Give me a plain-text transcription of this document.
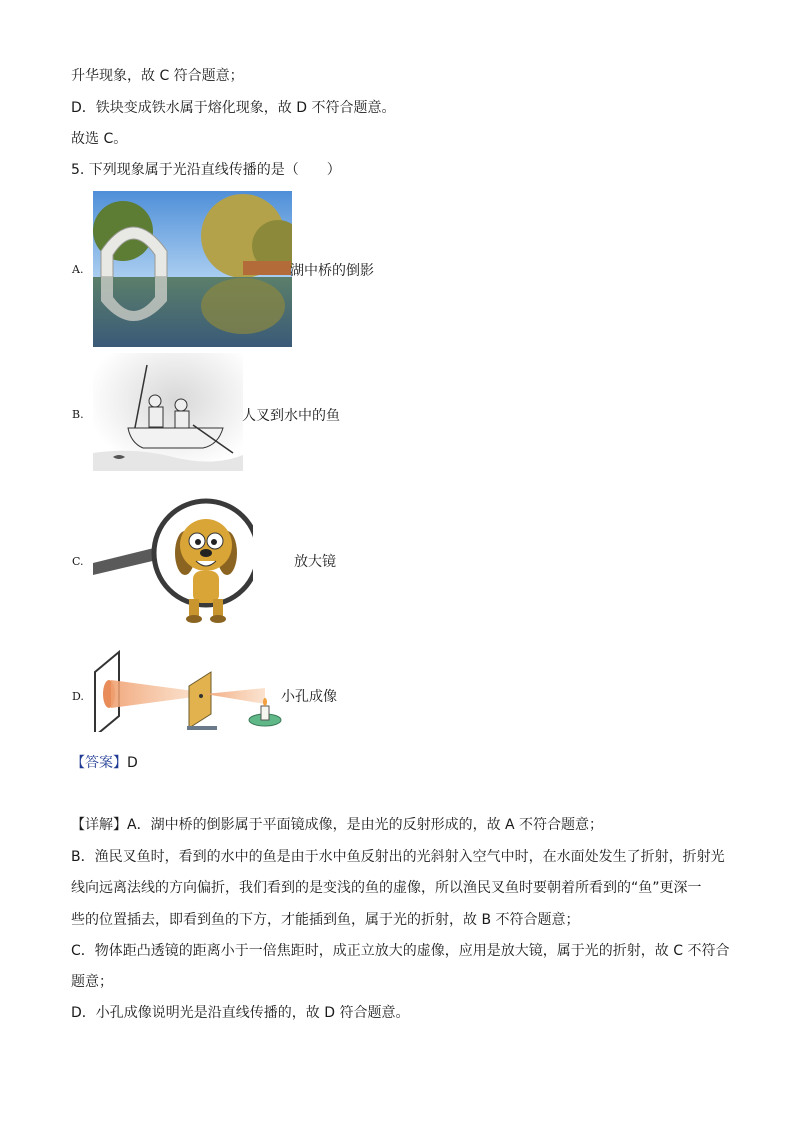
升华现象，故 C 符合题意；
D．铁块变成铁水属于熔化现象，故 D 不符合题意。
故选 C。
5. 下列现象属于光沿直线传播的是（　　）
A.	湖中桥的倒影
B.	人叉到水中的鱼
C.	放大镜
D.	小孔成像
【答案】D
【详解】A．湖中桥的倒影属于平面镜成像，是由光的反射形成的，故 A 不符合题意；
B．渔民叉鱼时，看到的水中的鱼是由于水中鱼反射出的光斜射入空气中时，在水面处发生了折射，折射光
线向远离法线的方向偏折，我们看到的是变浅的鱼的虚像，所以渔民叉鱼时要朝着所看到的“鱼”更深一
些的位置插去，即看到鱼的下方，才能插到鱼，属于光的折射，故 B 不符合题意；
C．物体距凸透镜的距离小于一倍焦距时，成正立放大的虚像，应用是放大镜，属于光的折射，故 C 不符合
题意；
D．小孔成像说明光是沿直线传播的，故 D 符合题意。
